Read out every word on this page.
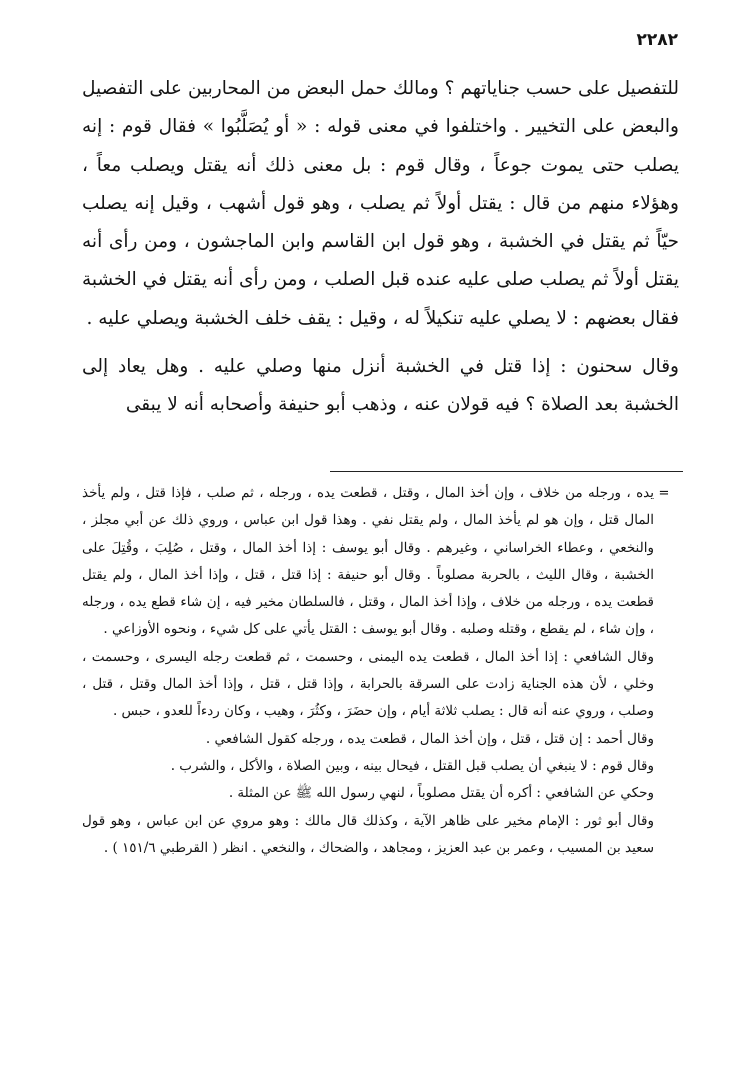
٢٢٨٢

للتفصيل على حسب جناياتهم ؟ ومالك حمل البعض من المحاربين على التفصيل والبعض على التخيير . واختلفوا في معنى قوله : « أو يُصَلَّبُوا » فقال قوم : إنه يصلب حتى يموت جوعاً ، وقال قوم : بل معنى ذلك أنه يقتل ويصلب معاً ، وهؤلاء منهم من قال : يقتل أولاً ثم يصلب ، وهو قول أشهب ، وقيل إنه يصلب حيّاً ثم يقتل في الخشبة ، وهو قول ابن القاسم وابن الماجشون ، ومن رأى أنه يقتل أولاً ثم يصلب صلى عليه عنده قبل الصلب ، ومن رأى أنه يقتل في الخشبة فقال بعضهم : لا يصلي عليه تنكيلاً له ، وقيل : يقف خلف الخشبة ويصلي عليه .

وقال سحنون : إذا قتل في الخشبة أنزل منها وصلي عليه . وهل يعاد إلى الخشبة بعد الصلاة ؟ فيه قولان عنه ، وذهب أبو حنيفة وأصحابه أنه لا يبقى

=

يده ، ورجله من خلاف ، وإن أخذ المال ، وقتل ، قطعت يده ، ورجله ، ثم صلب ، فإذا قتل ، ولم يأخذ المال قتل ، وإن هو لم يأخذ المال ، ولم يقتل نفي . وهذا قول ابن عباس ، وروي ذلك عن أبي مجلز ، والنخعي ، وعطاء الخراساني ، وغيرهم . وقال أبو يوسف : إذا أخذ المال ، وقتل ، صُلِبَ ، وقُتِلَ على الخشبة ، وقال الليث ، بالحربة مصلوباً . وقال أبو حنيفة : إذا قتل ، قتل ، وإذا أخذ المال ، ولم يقتل قطعت يده ، ورجله من خلاف ، وإذا أخذ المال ، وقتل ، فالسلطان مخير فيه ، إن شاء قطع يده ، ورجله ، وإن شاء ، لم يقطع ، وقتله وصلبه . وقال أبو يوسف : القتل يأتي على كل شيء ، ونحوه الأوزاعي .

وقال الشافعي : إذا أخذ المال ، قطعت يده اليمنى ، وحسمت ، ثم قطعت رجله اليسرى ، وحسمت ، وخلي ، لأن هذه الجناية زادت على السرقة بالحرابة ، وإذا قتل ، قتل ، وإذا أخذ المال وقتل ، قتل ، وصلب ، وروي عنه أنه قال : يصلب ثلاثة أيام ، وإن حضَرَ ، وكثُرَ ، وهيب ، وكان ردءاً للعدو ، حبس .

وقال أحمد : إن قتل ، قتل ، وإن أخذ المال ، قطعت يده ، ورجله كقول الشافعي .

وقال قوم : لا ينبغي أن يصلب قبل القتل ، فيحال بينه ، وبين الصلاة ، والأكل ، والشرب .

وحكي عن الشافعي : أكره أن يقتل مصلوباً ، لنهي رسول الله ﷺ عن المثلة .

وقال أبو ثور : الإمام مخير على ظاهر الآية ، وكذلك قال مالك : وهو مروي عن ابن عباس ، وهو قول سعيد بن المسيب ، وعمر بن عبد العزيز ، ومجاهد ، والضحاك ، والنخعي . انظر ( القرطبي ١٥١/٦ ) .
